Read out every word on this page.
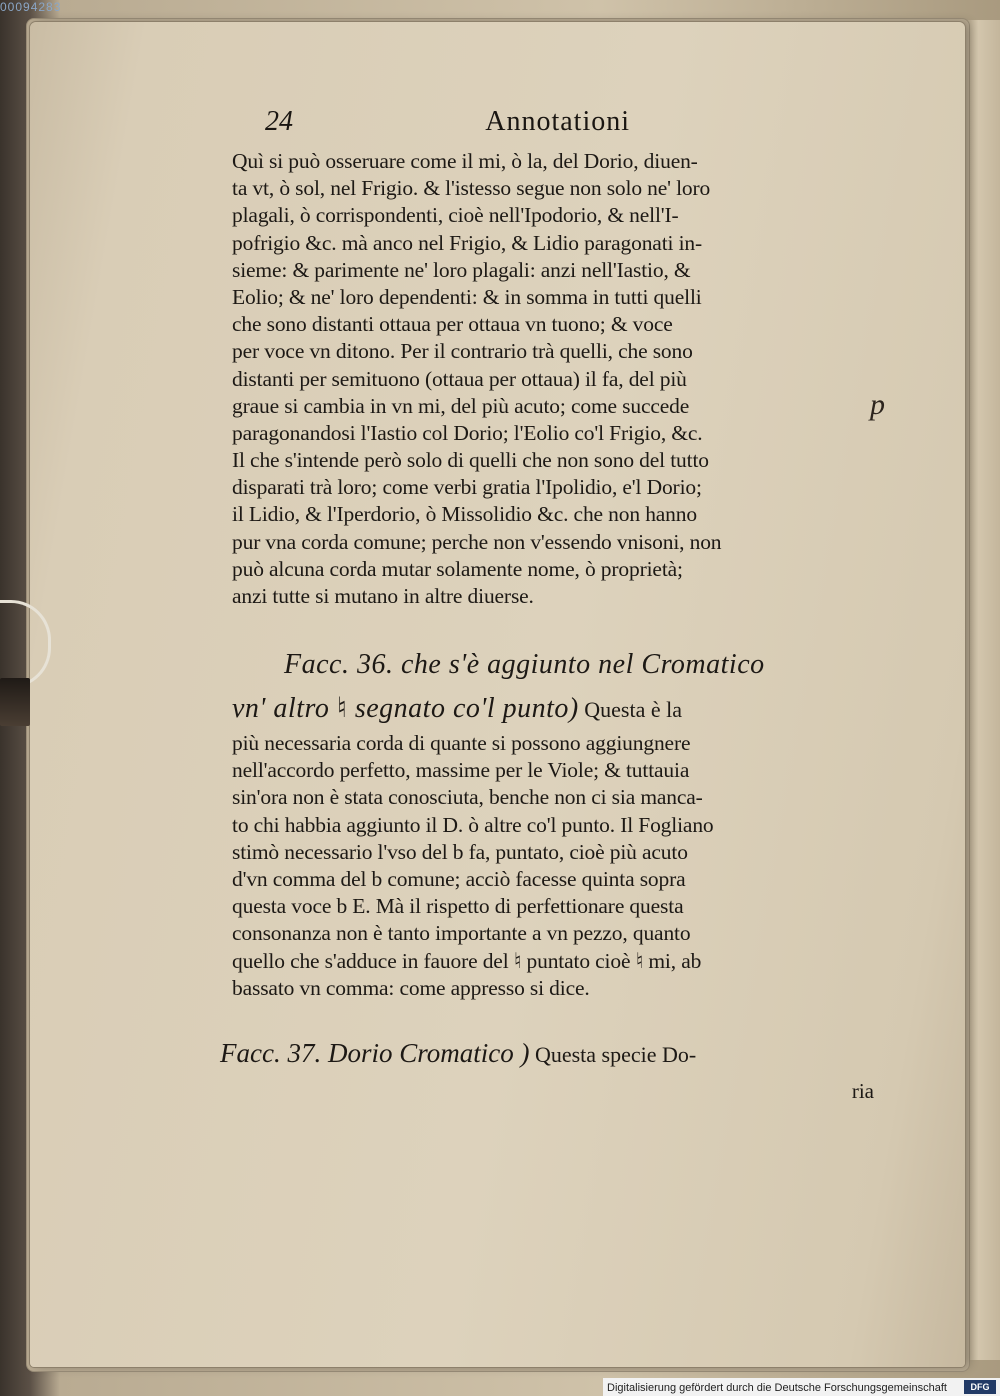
00094283
24	Annotationi
Quì si può osseruare come il mi, ò la, del Dorio, diuen-
ta vt, ò sol, nel Frigio. & l'istesso segue non solo ne' loro
plagali, ò corrispondenti, cioè nell'Ipodorio, & nell'I-
pofrigio &c. mà anco nel Frigio, & Lidio paragonati in-
sieme: & parimente ne' loro plagali: anzi nell'Iastio, &
Eolio; & ne' loro dependenti: & in somma in tutti quelli
che sono distanti ottaua per ottaua vn tuono; & voce
per voce vn ditono. Per il contrario trà quelli, che sono
distanti per semituono (ottaua per ottaua) il fa, del più
graue si cambia in vn mi, del più acuto; come succede
paragonandosi l'Iastio col Dorio; l'Eolio co'l Frigio, &c.
Il che s'intende però solo di quelli che non sono del tutto
disparati trà loro; come verbi gratia l'Ipolidio, e'l Dorio;
il Lidio, & l'Iperdorio, ò Missolidio &c. che non hanno
pur vna corda comune; perche non v'essendo vnisoni, non
può alcuna corda mutar solamente nome, ò proprietà;
anzi tutte si mutano in altre diuerse.
Facc. 36. che s'è aggiunto nel Cromatico
vn' altro ♮ segnato co'l punto) Questa è la
più necessaria corda di quante si possono aggiungnere
nell'accordo perfetto, massime per le Viole; & tuttauia
sin'ora non è stata conosciuta, benche non ci sia manca-
to chi habbia aggiunto il D. ò altre co'l punto. Il Fogliano
stimò necessario l'vso del b fa, puntato, cioè più acuto
d'vn comma del b comune; acciò facesse quinta sopra
questa voce b E. Mà il rispetto di perfettionare questa
consonanza non è tanto importante a vn pezzo, quanto
quello che s'adduce in fauore del ♮ puntato cioè ♮ mi, ab
bassato vn comma: come appresso si dice.
Facc. 37. Dorio Cromatico ) Questa specie Do-
ria
p
Digitalisierung gefördert durch die Deutsche Forschungsgemeinschaft	DFG
